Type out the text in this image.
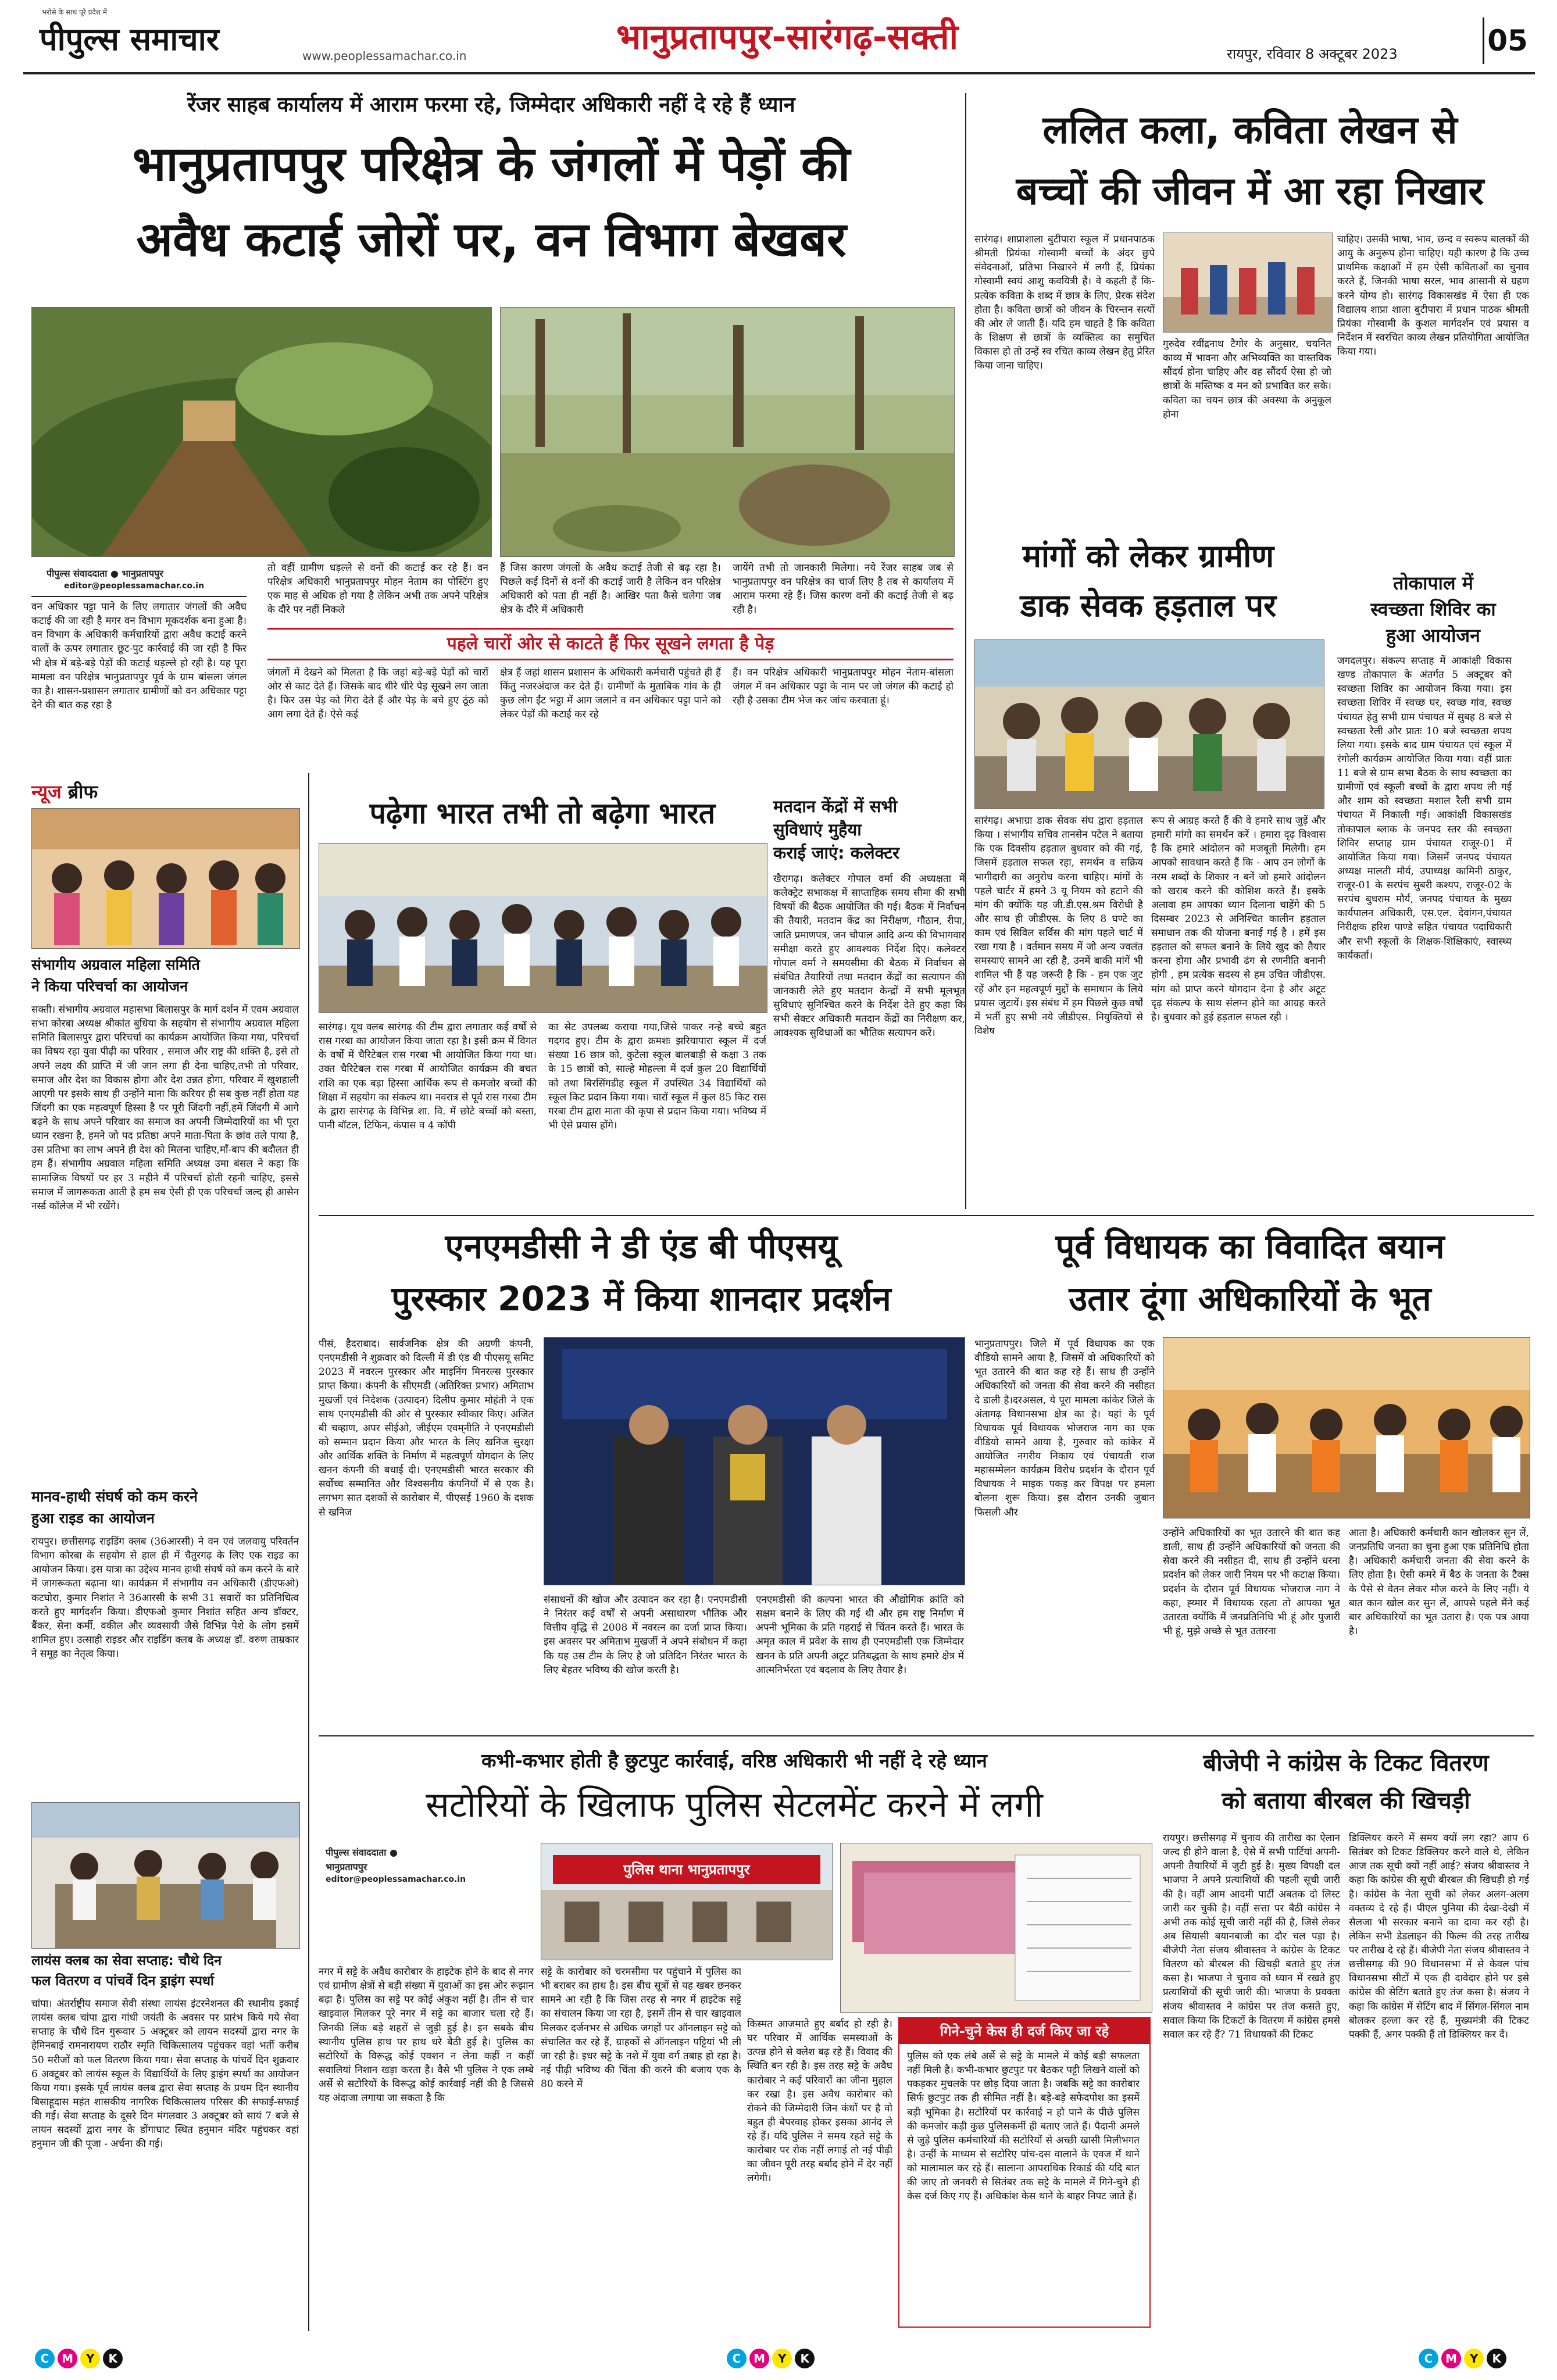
भरोसे के साथ पूरे प्रदेश में
पीपुल्स समाचार	www.peoplessamachar.co.in	भानुप्रतापपुर-सारंगढ़-सक्ती	रायपुर, रविवार 8 अक्टूबर 2023	05
रेंजर साहब कार्यालय में आराम फरमा रहे, जिम्मेदार अधिकारी नहीं दे रहे हैं ध्यान
भानुप्रतापपुर परिक्षेत्र के जंगलों में पेड़ों की
अवैध कटाई जोरों पर, वन विभाग बेखबर
पीपुल्स संवाददाता ● भानुप्रतापपुर
editor@peoplessamachar.co.in
वन अधिकार पट्टा पाने के लिए लगातार जंगलों की अवैध कटाई की जा रही है मगर वन विभाग मूकदर्शक बना हुआ है। वन विभाग के अधिकारी कर्मचारियों द्वारा अवैध कटाई करने वालों के ऊपर लगातार छूट-पुट कार्रवाई की जा रही है फिर भी क्षेत्र में बड़े-बड़े पेड़ों की कटाई धड़ल्ले हो रही है। यह पूरा मामला वन परिक्षेत्र भानुप्रतापपुर पूर्व के ग्राम बांसला जंगल का है। शासन-प्रशासन लगातार ग्रामीणों को वन अधिकार पट्टा देने की बात कह रहा है
तो वहीं ग्रामीण धड़ल्ले से वनों की कटाई कर रहे हैं। वन परिक्षेत्र अधिकारी भानुप्रतापपुर मोहन नेताम का पोस्टिंग हुए एक माह से अधिक हो गया है लेकिन अभी तक अपने परिक्षेत्र के दौरे पर नहीं निकले
हैं जिस कारण जंगलों के अवैध कटाई तेजी से बढ़ रहा है। पिछले कई दिनों से वनों की कटाई जारी है लेकिन वन परिक्षेत्र अधिकारी को पता ही नहीं है। आखिर पता कैसे चलेगा जब क्षेत्र के दौरे में अधिकारी
जायेंगे तभी तो जानकारी मिलेगा। नये रेंजर साहब जब से भानुप्रतापपुर वन परिक्षेत्र का चार्ज लिए है तब से कार्यालय में आराम फरमा रहे हैं। जिस कारण वनों की कटाई तेजी से बढ़ रही है।
पहले चारों ओर से काटते हैं फिर सूखने लगता है पेड़
जंगलों में देखने को मिलता है कि जहां बड़े-बड़े पेड़ों को चारों ओर से काट देते हैं। जिसके बाद धीरे धीरे पेड़ सूखने लग जाता है। फिर उस पेड़ को गिरा देते हैं और पेड़ के बचे हुए ठूंठ को आग लगा देते हैं। ऐसे कई
क्षेत्र हैं जहां शासन प्रशासन के अधिकारी कर्मचारी पहुंचते ही हैं किंतु नजरअंदाज कर देते हैं। ग्रामीणों के मुताबिक गांव के ही कुछ लोग ईंट भट्ठा में आग जलाने व वन अधिकार पट्टा पाने को लेकर पेड़ों की कटाई कर रहे
हैं। वन परिक्षेत्र अधिकारी भानुप्रतापपुर मोहन नेताम-बांसला जंगल में वन अधिकार पट्टा के नाम पर जो जंगल की कटाई हो रही है उसका टीम भेज कर जांच करवाता हूं।
ललित कला, कविता लेखन से
बच्चों की जीवन में आ रहा निखार
सारंगढ़। शाप्राशाला बुटीपारा स्कूल में प्रधानपाठक श्रीमती प्रियंका गोस्वामी बच्चों के अंदर छुपे संवेदनाओं, प्रतिभा निखारने में लगी हैं, प्रियंका गोस्वामी स्वयं आशु कवयित्री हैं। वे कहती हैं कि- प्रत्येक कविता के शब्द में छात्र के लिए, प्रेरक संदेश होता है। कविता छात्रों को जीवन के चिरन्तन सत्यों की ओर ले जाती हैं। यदि हम चाहते है कि कविता के शिक्षण से छात्रों के व्यक्तित्व का समुचित विकास हो तो उन्हें स्व रचित काव्य लेखन हेतु प्रेरित किया जाना चाहिए।
गुरुदेव रवींद्रनाथ टैगोर के अनुसार, चयनित काव्य में भावना और अभिव्यक्ति का वास्तविक सौंदर्य होना चाहिए और वह सौंदर्य ऐसा हो जो छात्रों के मस्तिष्क व मन को प्रभावित कर सके। कविता का चयन छात्र की अवस्था के अनुकूल होना
चाहिए। उसकी भाषा, भाव, छन्द व स्वरूप बालकों की आयु के अनुरूप होना चाहिए। यही कारण है कि उच्च प्राथमिक कक्षाओं में हम ऐसी कविताओं का चुनाव करते हैं, जिनकी भाषा सरल, भाव आसानी से ग्रहण करने योग्य हो। सारंगढ़ विकासखंड में ऐसा ही एक विद्यालय शाप्रा शाला बुटीपारा में प्रधान पाठक श्रीमती प्रियंका गोस्वामी के कुशल मार्गदर्शन एवं प्रयास व निर्देशन में स्वरचित काव्य लेखन प्रतियोगिता आयोजित किया गया।
मांगों को लेकर ग्रामीण
डाक सेवक हड़ताल पर
सारंगढ़। अभाग्रा डाक सेवक संघ द्वारा हड़ताल किया । संभागीय सचिव तानसेन पटेल ने बताया कि एक दिवसीय हड़ताल बुधवार को की गई, जिसमें हड़ताल सफल रहा, समर्थन व सक्रिय भागीदारी का अनुरोध करना चाहिए। मांगों के पहले चार्टर में हमने 3 यू नियम को हटाने की मांग की क्योंकि यह जी.डी.एस.श्रम विरोधी है और साथ ही जीडीएस. के लिए 8 घण्टे का काम एवं सिविल सर्विस की मांग पहले चार्ट में रखा गया है । वर्तमान समय में जो अन्य ज्वलंत समस्याएं सामने आ रही है, उनमें बाकी मांगें भी शामिल भी हैं यह जरूरी है कि - हम एक जुट रहें और इन महत्वपूर्ण मुद्दों के समाधान के लिये प्रयास जुटायें। इस संबंध में हम पिछले कुछ वर्षों में भर्ती हुए सभी नये जीडीएस. नियुक्तियों से विशेष
रूप से आग्रह करते हैं की वे हमारे साथ जुड़ें और हमारी मांगो का समर्थन करें । हमारा दृढ़ विश्वास है कि हमारे आंदोलन को मजबूती मिलेगी। हम आपको सावधान करते हैं कि - आप उन लोगों के नरम शब्दों के शिकार न बनें जो हमारे आंदोलन को खराब करने की कोशिश करते हैं। इसके अलावा हम आपका ध्यान दिलाना चाहेंगे की 5 दिसम्बर 2023 से अनिश्चित कालीन हड़ताल समाधान तक की योजना बनाई गई है । हमें इस हड़ताल को सफल बनाने के लिये खुद को तैयार करना होगा और प्रभावी ढंग से रणनीति बनानी होगी , हम प्रत्येक सदस्य से हम उचित जीडीएस. मांग को प्राप्त करने योगदान देना है और अटूट दृढ़ संकल्प के साथ संलग्न होने का आग्रह करते है। बुधवार को हुई हड़ताल सफल रही ।
तोकापाल में
स्वच्छता शिविर का
हुआ आयोजन
जगदलपुर। संकल्प सप्ताह में आकांक्षी विकास खण्ड तोकापाल के अंतर्गत 5 अक्टूबर को स्वच्छता शिविर का आयोजन किया गया। इस स्वच्छता शिविर में स्वच्छ घर, स्वच्छ गांव, स्वच्छ पंचायत हेतु सभी ग्राम पंचायत में सुबह 8 बजे से स्वच्छता रैली और प्रातः 10 बजे स्वच्छता शपथ लिया गया। इसके बाद ग्राम पंचायत एवं स्कूल में रंगोली कार्यक्रम आयोजित किया गया। वहीं प्रातः 11 बजे से ग्राम सभा बैठक के साथ स्वच्छता का ग्रामीणों एवं स्कूली बच्चों के द्वारा शपथ ली गई और शाम को स्वच्छता मशाल रैली सभी ग्राम पंचायत में निकाली गई। आकांक्षी विकासखंड तोकापाल ब्लाक के जनपद स्तर की स्वच्छता शिविर सप्ताह ग्राम पंचायत राजूर-01 में आयोजित किया गया। जिसमें जनपद पंचायत अध्यक्ष मालती मौर्य, उपाध्यक्ष कामिनी ठाकुर, राजूर-01 के सरपंच सुबरी कश्यप, राजूर-02 के सरपंच बुधराम मौर्य, जनपद पंचायत के मुख्य कार्यपालन अधिकारी, एस.एल. देवांगन,पंचायत निरीक्षक हरिश पाण्डे सहित पंचायत पदाधिकारी और सभी स्कूलों के शिक्षक-शिक्षिकाएं, स्वास्थ्य कार्यकर्ता।
न्यूज ब्रीफ
संभागीय अग्रवाल महिला समिति
ने किया परिचर्चा का आयोजन
सक्ती। संभागीय अग्रवाल महासभा बिलासपुर के मार्ग दर्शन में एवम अग्रवाल सभा कोरबा अध्यक्ष श्रीकांत बुधिया के सहयोग से संभागीय अग्रवाल महिला समिति बिलासपुर द्वारा परिचर्चा का कार्यक्रम आयोजित किया गया, परिचर्चा का विषय रहा युवा पीढ़ी का परिवार , समाज और राष्ट्र की शक्ति है, इसे तो अपने लक्ष्य की प्राप्ति में जी जान लगा ही देना चाहिए,तभी तो परिवार, समाज और देश का विकास होगा और देश उन्नत होगा, परिवार में खुशहाली आएगी पर इसके साथ ही उन्होंने माना कि करियर ही सब कुछ नहीं होता यह जिंदगी का एक महत्वपूर्ण हिस्सा है पर पूरी जिंदगी नहीं,हमें जिंदगी में आगे बढ़ने के साथ अपने परिवार का समाज का अपनी जिम्मेदारियों का भी पूरा ध्यान रखना है, हमने जो पद प्रतिष्ठा अपने माता-पिता के छांव तले पाया है, उस प्रतिभा का लाभ अपने ही देश को मिलना चाहिए,माँ-बाप की बदौलत ही हम हैं। संभागीय अग्रवाल महिला समिति अध्यक्ष उमा बंसल ने कहा कि सामाजिक विषयों पर हर 3 महीने मैं परिचर्चा होती रहनी चाहिए, इससे समाज में जागरूकता आती है हम सब ऐसी ही एक परिचर्चा जल्द ही आसेन नर्स्ड कॉलेज में भी रखेंगे।
मानव-हाथी संघर्ष को कम करने
हुआ राइड का आयोजन
रायपुर। छत्तीसगढ़ राइडिंग क्लब (36आरसी) ने वन एवं जलवायु परिवर्तन विभाग कोरबा के सहयोग से हाल ही में चैतुरगढ़ के लिए एक राइड का आयोजन किया। इस यात्रा का उद्देश्य मानव हाथी संघर्ष को कम करने के बारे में जागरूकता बढ़ाना था। कार्यक्रम में संभागीय वन अधिकारी (डीएफओ) कटघोरा, कुमार निशांत ने 36आरसी के सभी 31 सवारों का प्रतिनिधित्व करते हुए मार्गदर्शन किया। डीएफओ कुमार निशांत सहित अन्य डॉक्टर, बैंकर, सेना कर्मी, वकील और व्यवसायी जैसे विभिन्न पेशे के लोग इसमें शामिल हुए। उत्साही राइडर और राइडिंग क्लब के अध्यक्ष डॉ. वरुण ताम्रकार ने समूह का नेतृत्व किया।
लायंस क्लब का सेवा सप्ताह: चौथे दिन
फल वितरण व पांचवें दिन ड्राइंग स्पर्धा
चांपा। अंतर्राष्ट्रीय समाज सेवी संस्था लायंस इंटरनेशनल की स्थानीय इकाई लायंस क्लब चांपा द्वारा गांधी जयंती के अवसर पर प्रारंभ किये गये सेवा सप्ताह के चौथे दिन गुरूवार 5 अक्टूबर को लायन सदस्यों द्वारा नगर के हेमिनबाई रामनारायण राठौर स्मृति चिकित्सालय पहुंचकर वहां भर्ती करीब 50 मरीजों को फल वितरण किया गया। सेवा सप्ताह के पांचवें दिन शुक्रवार 6 अक्टूबर को लायंस स्कूल के विद्यार्थियों के लिए ड्राइंग स्पर्धा का आयोजन किया गया। इसके पूर्व लायंस क्लब द्वारा सेवा सप्ताह के प्रथम दिन स्थानीय बिसाहूदास महंत शासकीय नागरिक चिकित्सालय परिसर की सफाई-सफाई की गई। सेवा सप्ताह के दूसरे दिन मंगलवार 3 अक्टूबर को सायं 7 बजे से लायन सदस्यों द्वारा नगर के डोंगाघाट स्थित हनुमान मंदिर पहुंचकर वहां हनुमान जी की पूजा - अर्चना की गई।
पढ़ेगा भारत तभी तो बढ़ेगा भारत
सारंगढ़। यूथ क्लब सारंगढ़ की टीम द्वारा लगातार कई वर्षों से रास गरबा का आयोजन किया जाता रहा है। इसी क्रम में विगत के वर्षों में चैरिटेबल रास गरबा भी आयोजित किया गया था। उक्त चैरिटेबल रास गरबा में आयोजित कार्यक्रम की बचत राशि का एक बड़ा हिस्सा आर्थिक रूप से कमजोर बच्चों की शिक्षा में सहयोग का संकल्प था। नवरात्र से पूर्व रास गरबा टीम के द्वारा सारंगढ़ के विभिन्न शा. वि. में छोटे बच्चों को बस्ता, पानी बॉटल, टिफिन, कंपास व 4 कॉपी
का सेट उपलब्ध कराया गया,जिसे पाकर नन्हे बच्चे बहुत गदगद हुए। टीम के द्वारा क्रमशः झरियापारा स्कूल में दर्ज संख्या 16 छात्र को, कुटेला स्कूल बालबाड़ी से कक्षा 3 तक के 15 छात्रों को, साल्हे मोहल्ला में दर्ज कुल 20 विद्यार्थियों को तथा बिरसिंगडीह स्कूल में उपस्थित 34 विद्यार्थियों को स्कूल किट प्रदान किया गया। चारों स्कूल में कुल 85 किट रास गरबा टीम द्वारा माता की कृपा से प्रदान किया गया। भविष्य में भी ऐसे प्रयास होंगे।
मतदान केंद्रों में सभी
सुविधाएं मुहैया
कराई जाएं: कलेक्टर
खैरागढ़। कलेक्टर गोपाल वर्मा की अध्यक्षता में कलेक्ट्रेट सभाकक्ष में साप्ताहिक समय सीमा की सभी विषयों की बैठक आयोजित की गई। बैठक में निर्वाचन की तैयारी, मतदान केंद्र का निरीक्षण, गौठान, रीपा, जाति प्रमाणपत्र, जन चौपाल आदि अन्य की विभागवार समीक्षा करते हुए आवश्यक निर्देश दिए। कलेक्टर गोपाल वर्मा ने समयसीमा की बैठक में निर्वाचन से संबंधित तैयारियों तथा मतदान केंद्रों का सत्यापन की जानकारी लेते हुए मतदान केन्द्रों में सभी मूलभूत सुविधाएं सुनिश्चित करने के निर्देश देते हुए कहा कि सभी सेक्टर अधिकारी मतदान केंद्रों का निरीक्षण कर, आवश्यक सुविधाओं का भौतिक सत्यापन करें।
एनएमडीसी ने डी एंड बी पीएसयू
पुरस्कार 2023 में किया शानदार प्रदर्शन
पीसं, हैदराबाद। सार्वजनिक क्षेत्र की अग्रणी कंपनी, एनएमडीसी ने शुक्रवार को दिल्ली में डी एंड बी पीएसयू समिट 2023 में नवरत्न पुरस्कार और माइनिंग मिनरल्स पुरस्कार प्राप्त किया। कंपनी के सीएमडी (अतिरिक्त प्रभार) अमिताभ मुखर्जी एवं निदेशक (उत्पादन) दिलीप कुमार मोहंती ने एक साथ एनएमडीसी की ओर से पुरस्कार स्वीकार किए। अजित बी चव्हाण, अपर सीईओ, जीईएम एवम्‌नीति ने एनएमडीसी को सम्मान प्रदान किया और भारत के लिए खनिज सुरक्षा और आर्थिक शक्ति के निर्माण में महत्वपूर्ण योगदान के लिए खनन कंपनी की बधाई दी। एनएमडीसी भारत सरकार की सर्वोच्च सम्मानित और विश्वसनीय कंपनियों में से एक है। लगभग सात दशकों से कारोबार में, पीएसई 1960 के दशक से खनिज
संसाधनों की खोज और उत्पादन कर रहा है। एनएमडीसी ने निरंतर कई वर्षों से अपनी असाधारण भौतिक और वित्तीय वृद्धि से 2008 में नवरत्न का दर्जा प्राप्त किया। इस अवसर पर अमिताभ मुखर्जी ने अपने संबोधन में कहा कि यह उस टीम के लिए है जो प्रतिदिन निरंतर भारत के लिए बेहतर भविष्य की खोज करती है।
एनएमडीसी की कल्पना भारत की औद्योगिक क्रांति को सक्षम बनाने के लिए की गई थी और हम राष्ट्र निर्माण में अपनी भूमिका के प्रति गहराई से चिंतन करते हैं। भारत के अमृत काल में प्रवेश के साथ ही एनएमडीसी एक जिम्मेदार खनन के प्रति अपनी अटूट प्रतिबद्धता के साथ हमारे क्षेत्र में आत्मनिर्भरता एवं बदलाव के लिए तैयार है।
पूर्व विधायक का विवादित बयान
उतार दूंगा अधिकारियों के भूत
भानुप्रतापपुर। जिले में पूर्व विधायक का एक वीडियो सामने आया है, जिसमें वो अधिकारियों को भूत उतारने की बात कह रहे हैं। साथ ही उन्होंने अधिकारियों को जनता की सेवा करने की नसीहत दे डाली है।दरअसल, ये पूरा मामला कांकेर जिले के अंतागढ़ विधानसभा क्षेत्र का है। यहां के पूर्व विधायक पूर्व विधायक भोजराज नाग का एक वीडियो सामने आया है, गुरुवार को कांकेर में आयोजित नगरीय निकाय एवं पंचायती राज महासम्मेलन कार्यक्रम विरोध प्रदर्शन के दौरान पूर्व विधायक ने माइक पकड़ कर विपक्ष पर हमला बोलना शुरू किया। इस दौरान उनकी जुबान फिसली और
उन्होंने अधिकारियों का भूत उतारने की बात कह डाली, साथ ही उन्होंने अधिकारियों को जनता की सेवा करने की नसीहत दी, साथ ही उन्होंने धरना प्रदर्शन को लेकर जारी नियम पर भी कटाक्ष किया। प्रदर्शन के दौरान पूर्व विधायक भोजराज नाग ने कहा, ह्य्मार मैं विधायक रहता तो आपका भूत उतारता क्योंकि मैं जनप्रतिनिधि भी हूं और पुजारी भी हूं, मुझे अच्छे से भूत उतारना
आता है। अधिकारी कर्मचारी कान खोलकर सुन लें, जनप्रतिधि जनता का चुना हुआ एक प्रतिनिधि होता है। अधिकारी कर्मचारी जनता की सेवा करने के लिए होता है। ऐसी कमरे में बैठ के जनता के टैक्स के पैसे से वेतन लेकर मौज करने के लिए नहीं। ये बात कान खोल कर सुन लें, आपसे पहले मैंने कई बार अधिकारियों का भूत उतारा है। एक पत्र आया है।
कभी-कभार होती है छुटपुट कार्रवाई, वरिष्ठ अधिकारी भी नहीं दे रहे ध्यान
सटोरियों के खिलाफ पुलिस सेटलमेंट करने में लगी
पीपुल्स संवाददाता ●
भानुप्रतापपुर
editor@peoplessamachar.co.in
पुलिस थाना भानुप्रतापपुर
नगर में सट्टे के अवैध कारोबार के हाइटेक होने के बाद से नगर एवं ग्रामीण क्षेत्रों से बड़ी संख्या में युवाओं का इस ओर रूझान बढ़ा है। पुलिस का सट्टे पर कोई अंकुश नहीं है। तीन से चार खाइवाल मिलकर पूरे नगर में सट्टे का बाजार चला रहे हैं। जिनकी लिंक बड़े शहरों से जुड़ी हुई है। इन सबके बीच स्थानीय पुलिस हाथ पर हाथ धरे बैठी हुई है। पुलिस का सटोरियों के विरूद्ध कोई एक्शन न लेना कहीं न कहीं सवालियां निशान खड़ा करता है। वैसे भी पुलिस ने एक लम्बे अर्से से सटोरियों के विरूद्ध कोई कार्रवाई नहीं की है जिससे यह अंदाजा लगाया जा सकता है कि
सट्टे के कारोबार को चरमसीमा पर पहुंचाने में पुलिस का भी बराबर का हाथ है। इस बीच सूत्रों से यह खबर छनकर सामने आ रही है कि जिस तरह से नगर में हाइटेक सट्टे का संचालन किया जा रहा है, इसमें तीन से चार खाइवाल मिलकर दर्जनभर से अधिक जगहों पर ऑनलाइन सट्टे को संचालित कर रहे हैं, ग्राहकों से ऑनलाइन पट्टियां भी ली जा रही है। इधर सट्टे के नशे में युवा वर्ग तबाह हो रहा है। नई पीढ़ी भविष्य की चिंता की करने की बजाय एक के 80 करने में
किस्मत आजमाते हुए बर्बाद हो रही है। घर परिवार में आर्थिक समस्याओं के उत्पन्न होने से क्लेश बढ़ रहे हैं। विवाद की स्थिति बन रही है। इस तरह सट्टे के अवैध कारोबार ने कई परिवारों का जीना मुहाल कर रखा है। इस अवैध कारोबार को रोकने की जिम्मेदारी जिन कंधों पर है वो बहुत ही बेपरवाह होकर इसका आनंद ले रहे हैं। यदि पुलिस ने समय रहते सट्टे के कारोबार पर रोक नहीं लगाई तो नई पीढ़ी का जीवन पूरी तरह बर्बाद होने में देर नहीं लगेगी।
गिने-चुने केस ही दर्ज किए जा रहे
पुलिस को एक लंबे अर्से से सट्टे के मामले में कोई बड़ी सफलता नहीं मिली है। कभी-कभार छुटपुट पर बैठकर पट्टी लिखने वालों को पकड़कर मुचलके पर छोड़ दिया जाता है। जबकि सट्टे का कारोबार सिर्फ छुटपुट तक ही सीमित नहीं है। बड़े-बड़े सफेदपोश का इसमें बड़ी भूमिका है। सटोरियों पर कार्रवाई न हो पाने के पीछे पुलिस की कमजोर कड़ी कुछ पुलिसकर्मी ही बताए जाते हैं। पैदानी अमले से जुड़े पुलिस कर्मचारियों की सटोरियों से अच्छी खासी मिलीभगत है। उन्हीं के माध्यम से सटोरिए पांच-दस वालाने के एवज में थाने को मालामाल कर रहे हैं। सालाना आपराधिक रिकार्ड की यदि बात की जाए तो जनवरी से सितंबर तक सट्टे के मामले में गिने-चुने ही केस दर्ज किए गए हैं। अधिकांश केस थाने के बाहर निपट जाते हैं।
बीजेपी ने कांग्रेस के टिकट वितरण
को बताया बीरबल की खिचड़ी
रायपुर। छत्तीसगढ़ में चुनाव की तारीख का ऐलान जल्द ही होने वाला है, ऐसे में सभी पार्टियां अपनी-अपनी तैयारियों में जुटी हुई है। मुख्य विपक्षी दल भाजपा ने अपने प्रत्याशियों की पहली सूची जारी की है। वहीं आम आदमी पार्टी अबतक दो लिस्ट जारी कर चुकी है। वहीं सत्ता पर बैठी कांग्रेस ने अभी तक कोई सूची जारी नहीं की है, जिसे लेकर अब सियासी बयानबाजी का दौर चल पड़ा है। बीजेपी नेता संजय श्रीवास्तव ने कांग्रेस के टिकट वितरण को बीरबल की खिचड़ी बताते हुए तंज कसा है। भाजपा ने चुनाव को ध्यान में रखते हुए प्रत्याशियों की सूची जारी की। भाजपा के प्रवक्ता संजय श्रीवास्तव ने कांग्रेस पर तंज कसते हुए, सवाल किया कि टिकटों के वितरण में कांग्रेस हमसे सवाल कर रहे हैं? 71 विधायकों की टिकट
डिक्लियर करने में समय क्यों लग रहा? आप 6 सितंबर को टिकट डिक्लियर करने वाले थे, लेकिन आज तक सूची क्यों नहीं आई? संजय श्रीवास्तव ने कहा कि कांग्रेस की सूची बीरबल की खिचड़ी हो गई है। कांग्रेस के नेता सूची को लेकर अलग-अलग वक्तव्य दे रहे हैं। पीएल पुनिया की देखा-देखी में सैलजा भी सरकार बनाने का दावा कर रही है। लेकिन सभी डेडलाइन की फिल्म की तरह तारीख पर तारीख दे रहे हैं। बीजेपी नेता संजय श्रीवास्तव ने छत्तीसगढ़ की 90 विधानसभा में से केवल पांच विधानसभा सीटों में एक ही दावेदार होने पर इसे कांग्रेस की सेटिंग बताते हुए तंज कसा है। संजय ने कहा कि कांग्रेस में सेटिंग बाद में सिंगल-सिंगल नाम बोलकर हल्ला कर रहे हैं, मुख्यमंत्री की टिकट पक्की हैं, अगर पक्की हैं तो डिक्लियर कर दें।
C M Y K	C M Y K	C M Y K
